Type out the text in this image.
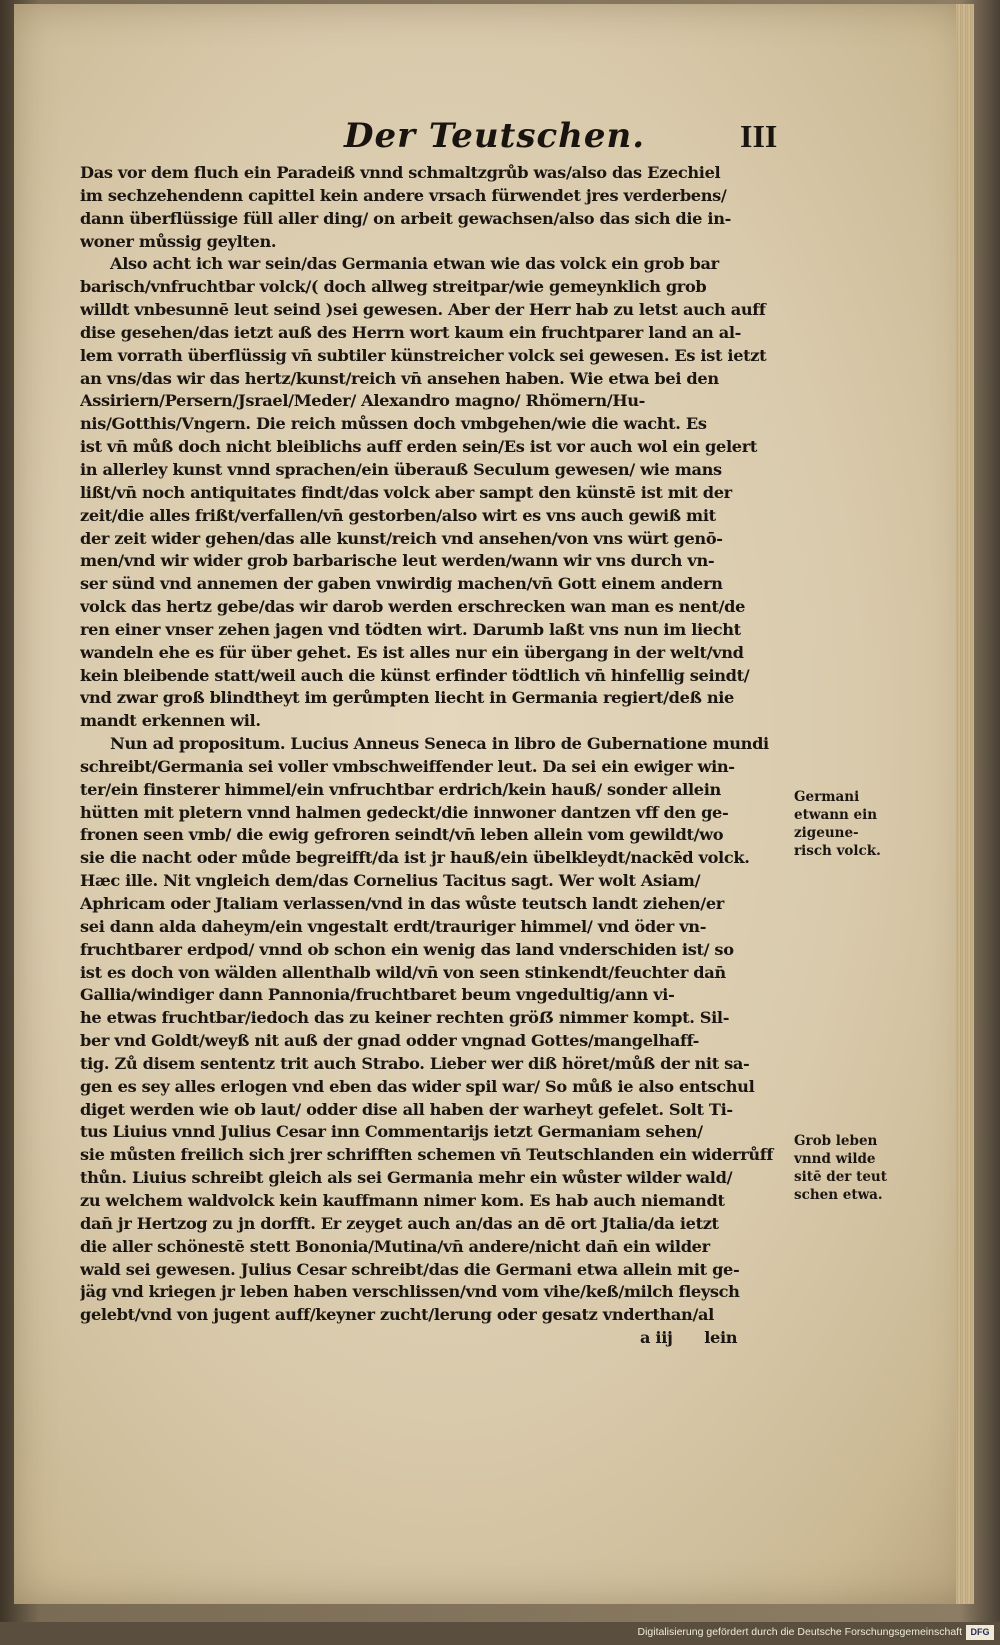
Der Teutschen.	III
Das vor dem fluch ein Paradeiß vnnd schmaltzgrůb was/also das Ezechiel
im sechzehendenn capittel kein andere vrsach fürwendet jres verderbens/
dann überflüssige füll aller ding/ on arbeit gewachsen/also das sich die in-
woner můssig geylten.
Also acht ich war sein/das Germania etwan wie das volck ein grob bar
barisch/vnfruchtbar volck/( doch allweg streitpar/wie gemeynklich grob
willdt vnbesunnē leut seind )sei gewesen. Aber der Herr hab zu letst auch auff
dise gesehen/das ietzt auß des Herrn wort kaum ein fruchtparer land an al-
lem vorrath überflüssig vn̄ subtiler künstreicher volck sei gewesen. Es ist ietzt
an vns/das wir das hertz/kunst/reich vn̄ ansehen haben. Wie etwa bei den
Assiriern/Persern/Jsrael/Meder/ Alexandro magno/ Rhömern/Hu-
nis/Gotthis/Vngern. Die reich můssen doch vmbgehen/wie die wacht. Es
ist vn̄ můß doch nicht bleiblichs auff erden sein/Es ist vor auch wol ein gelert
in allerley kunst vnnd sprachen/ein überauß Seculum gewesen/ wie mans
lißt/vn̄ noch antiquitates findt/das volck aber sampt den künstē ist mit der
zeit/die alles frißt/verfallen/vn̄ gestorben/also wirt es vns auch gewiß mit
der zeit wider gehen/das alle kunst/reich vnd ansehen/von vns würt genō-
men/vnd wir wider grob barbarische leut werden/wann wir vns durch vn-
ser sünd vnd annemen der gaben vnwirdig machen/vn̄ Gott einem andern
volck das hertz gebe/das wir darob werden erschrecken wan man es nent/de
ren einer vnser zehen jagen vnd tödten wirt. Darumb laßt vns nun im liecht
wandeln ehe es für über gehet. Es ist alles nur ein übergang in der welt/vnd
kein bleibende statt/weil auch die künst erfinder tödtlich vn̄ hinfellig seindt/
vnd zwar groß blindtheyt im gerůmpten liecht in Germania regiert/deß nie
mandt erkennen wil.
Nun ad propositum. Lucius Anneus Seneca in libro de Gubernatione mundi
schreibt/Germania sei voller vmbschweiffender leut. Da sei ein ewiger win-
ter/ein finsterer himmel/ein vnfruchtbar erdrich/kein hauß/ sonder allein
hütten mit pletern vnnd halmen gedeckt/die innwoner dantzen vff den ge-
fronen seen vmb/ die ewig gefroren seindt/vn̄ leben allein vom gewildt/wo
sie die nacht oder můde begreifft/da ist jr hauß/ein übelkleydt/nackēd volck.
Hæc ille. Nit vngleich dem/das Cornelius Tacitus sagt. Wer wolt Asiam/
Aphricam oder Jtaliam verlassen/vnd in das wůste teutsch landt ziehen/er
sei dann alda daheym/ein vngestalt erdt/trauriger himmel/ vnd öder vn-
fruchtbarer erdpod/ vnnd ob schon ein wenig das land vnderschiden ist/ so
ist es doch von wälden allenthalb wild/vn̄ von seen stinkendt/feuchter dan̄
Gallia/windiger dann Pannonia/fruchtbaret beum vngedultig/ann vi-
he etwas fruchtbar/iedoch das zu keiner rechten gröẞ nimmer kompt. Sil-
ber vnd Goldt/weyß nit auß der gnad odder vngnad Gottes/mangelhaff-
tig. Zů disem sententz trit auch Strabo. Lieber wer diß höret/můß der nit sa-
gen es sey alles erlogen vnd eben das wider spil war/ So můß ie also entschul
diget werden wie ob laut/ odder dise all haben der warheyt gefelet. Solt Ti-
tus Liuius vnnd Julius Cesar inn Commentarijs ietzt Germaniam sehen/
sie můsten freilich sich jrer schrifften schemen vn̄ Teutschlanden ein widerrůff
thůn. Liuius schreibt gleich als sei Germania mehr ein wůster wilder wald/
zu welchem waldvolck kein kauffmann nimer kom. Es hab auch niemandt
dan̄ jr Hertzog zu jn dorfft. Er zeyget auch an/das an dē ort Jtalia/da ietzt
die aller schönestē stett Bononia/Mutina/vn̄ andere/nicht dan̄ ein wilder
wald sei gewesen. Julius Cesar schreibt/das die Germani etwa allein mit ge-
jäg vnd kriegen jr leben haben verschlissen/vnd vom vihe/keß/milch fleysch
gelebt/vnd von jugent auff/keyner zucht/lerung oder gesatz vnderthan/al
a iij      lein
Germani
etwann ein
zigeune-
risch volck.
Grob leben
vnnd wilde
sitē der teut
schen etwa.
Digitalisierung gefördert durch die Deutsche Forschungsgemeinschaft DFG
